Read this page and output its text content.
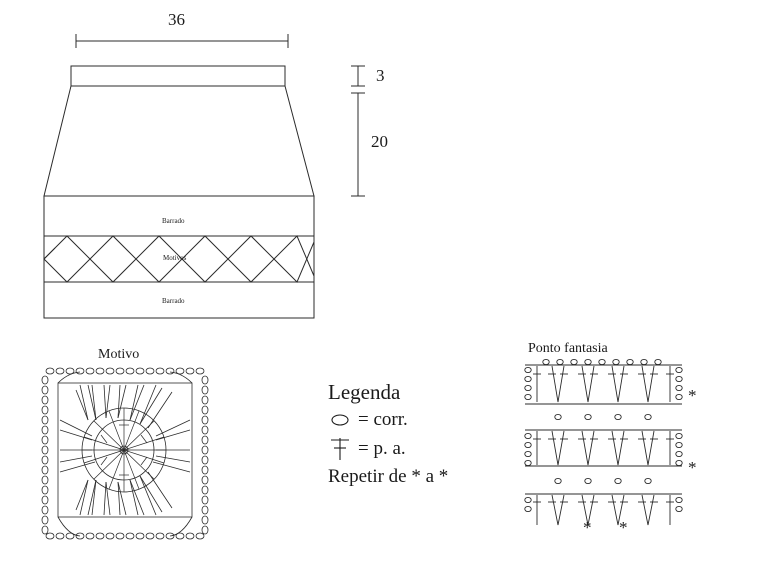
36
3
20
Barrado
Motivos
Barrado
Motivo	Ponto fantasia
Legenda
= corr.
= p. a.
Repetir de * a *
*
*
* *
